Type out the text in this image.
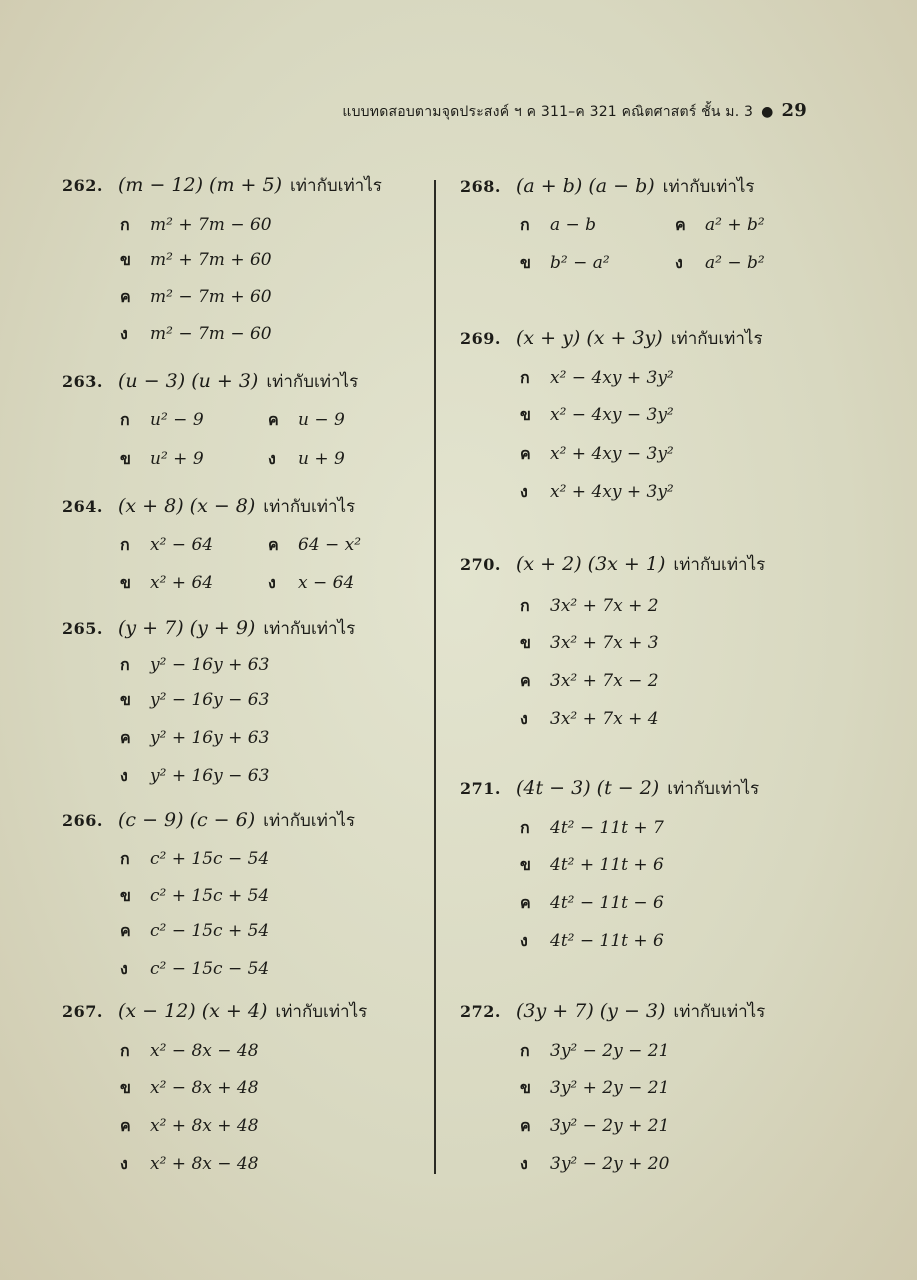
แบบทดสอบตามจุดประสงค์ ฯ ค 311–ค 321 คณิตศาสตร์ ชั้น ม. 3 ● 29
262. (m − 12) (m + 5) เท่ากับเท่าไร
ก	m² + 7m − 60
ข	m² + 7m + 60
ค	m² − 7m + 60
ง	m² − 7m − 60
263. (u − 3) (u + 3) เท่ากับเท่าไร
ก	u² − 9	ค	u − 9
ข	u² + 9	ง	u + 9
264. (x + 8) (x − 8) เท่ากับเท่าไร
ก	x² − 64	ค	64 − x²
ข	x² + 64	ง	x − 64
265. (y + 7) (y + 9) เท่ากับเท่าไร
ก	y² − 16y + 63
ข	y² − 16y − 63
ค	y² + 16y + 63
ง	y² + 16y − 63
266. (c − 9) (c − 6) เท่ากับเท่าไร
ก	c² + 15c − 54
ข	c² + 15c + 54
ค	c² − 15c + 54
ง	c² − 15c − 54
267. (x − 12) (x + 4) เท่ากับเท่าไร
ก	x² − 8x − 48
ข	x² − 8x + 48
ค	x² + 8x + 48
ง	x² + 8x − 48
268. (a + b) (a − b) เท่ากับเท่าไร
ก	a − b	ค	a² + b²
ข	b² − a²	ง	a² − b²
269. (x + y) (x + 3y) เท่ากับเท่าไร
ก	x² − 4xy + 3y²
ข	x² − 4xy − 3y²
ค	x² + 4xy − 3y²
ง	x² + 4xy + 3y²
270. (x + 2) (3x + 1) เท่ากับเท่าไร
ก	3x² + 7x + 2
ข	3x² + 7x + 3
ค	3x² + 7x − 2
ง	3x² + 7x + 4
271. (4t − 3) (t − 2) เท่ากับเท่าไร
ก	4t² − 11t + 7
ข	4t² + 11t + 6
ค	4t² − 11t − 6
ง	4t² − 11t + 6
272. (3y + 7) (y − 3) เท่ากับเท่าไร
ก	3y² − 2y − 21
ข	3y² + 2y − 21
ค	3y² − 2y + 21
ง	3y² − 2y + 20
